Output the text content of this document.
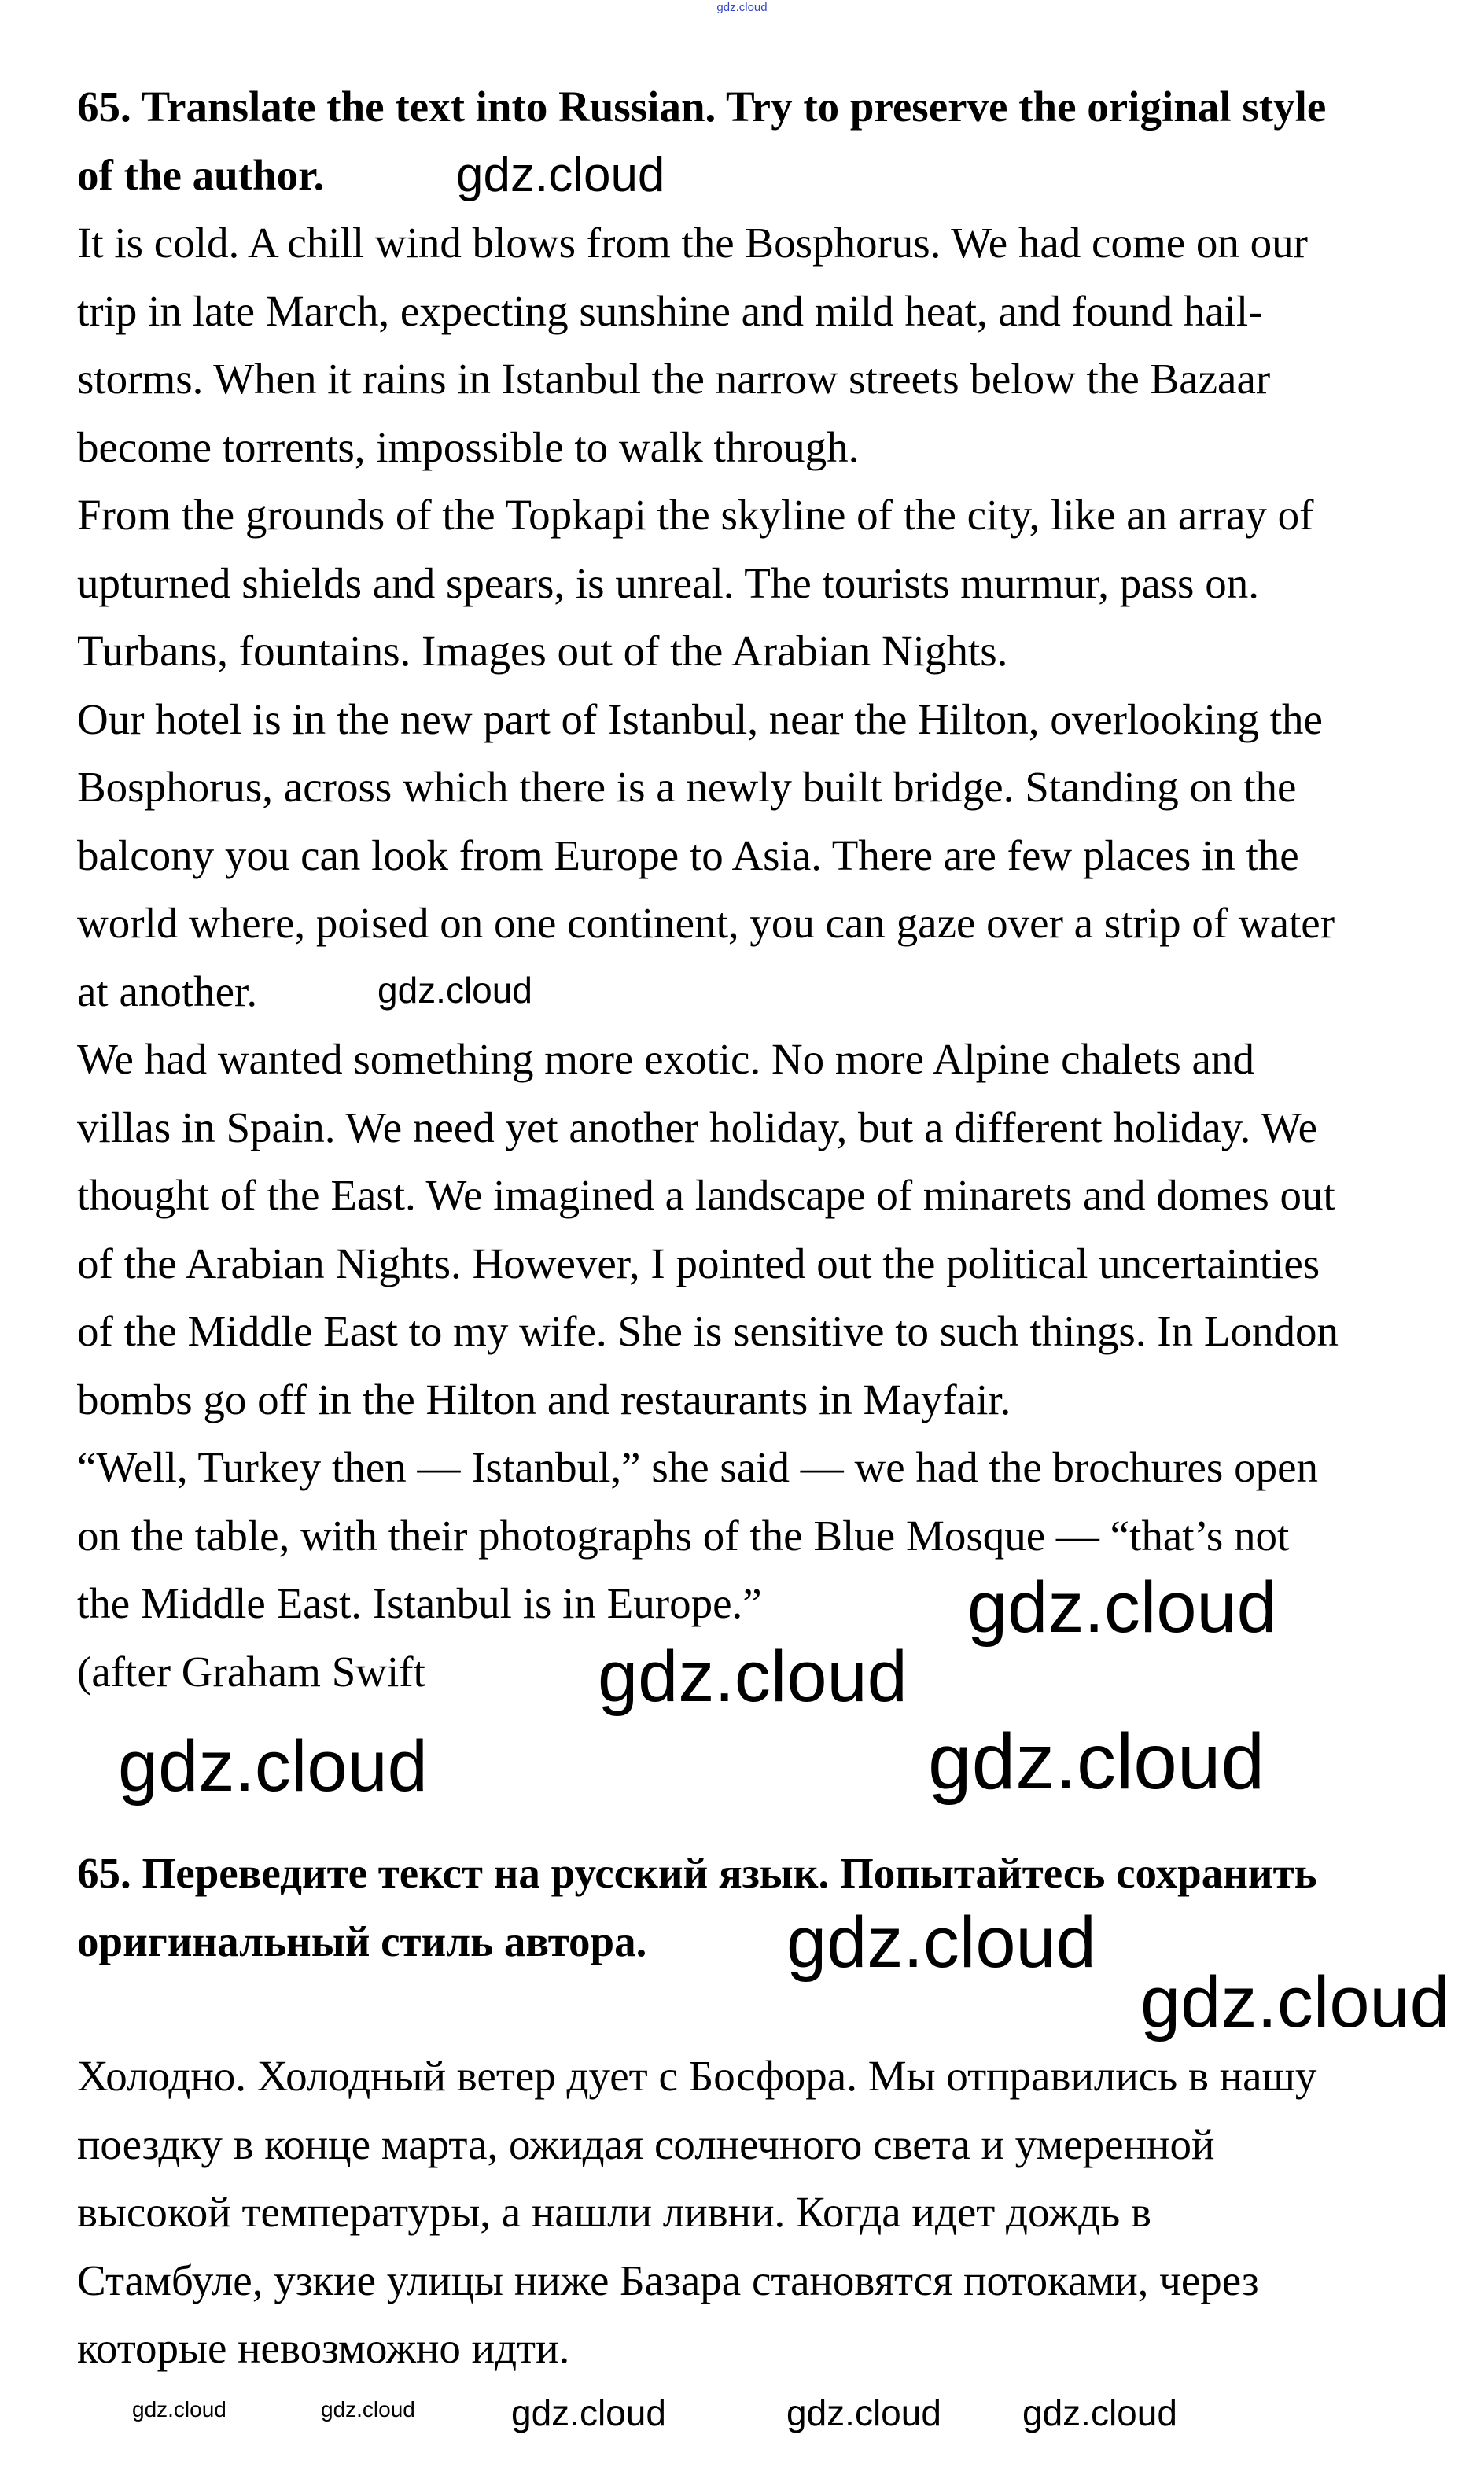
gdz.cloud
65. Translate the text into Russian. Try to preserve the original style
of the author.
It is cold. A chill wind blows from the Bosphorus. We had come on our
trip in late March, expecting sunshine and mild heat, and found hail-
storms. When it rains in Istanbul the narrow streets below the Bazaar
become torrents, impossible to walk through.
From the grounds of the Topkapi the skyline of the city, like an array of
upturned shields and spears, is unreal. The tourists murmur, pass on.
Turbans, fountains. Images out of the Arabian Nights.
Our hotel is in the new part of Istanbul, near the Hilton, overlooking the
Bosphorus, across which there is a newly built bridge. Standing on the
balcony you can look from Europe to Asia. There are few places in the
world where, poised on one continent, you can gaze over a strip of water
at another.
We had wanted something more exotic. No more Alpine chalets and
villas in Spain. We need yet another holiday, but a different holiday. We
thought of the East. We imagined a landscape of minarets and domes out
of the Arabian Nights. However, I pointed out the political uncertainties
of the Middle East to my wife. She is sensitive to such things. In London
bombs go off in the Hilton and restaurants in Mayfair.
“Well, Turkey then — Istanbul,” she said — we had the brochures open
on the table, with their photographs of the Blue Mosque — “that’s not
the Middle East. Istanbul is in Europe.”
(after Graham Swift
65. Переведите текст на русский язык. Попытайтесь сохранить
оригинальный стиль автора.
Холодно. Холодный ветер дует с Босфора. Мы отправились в нашу
поездку в конце марта, ожидая солнечного света и умеренной
высокой температуры, а нашли ливни. Когда идет дождь в
Стамбуле, узкие улицы ниже Базара становятся потоками, через
которые невозможно идти.
gdz.cloud
gdz.cloud
gdz.cloud
gdz.cloud
gdz.cloud
gdz.cloud
gdz.cloud
gdz.cloud
gdz.cloud gdz.cloud
gdz.cloud	gdz.cloud	gdz.cloud
